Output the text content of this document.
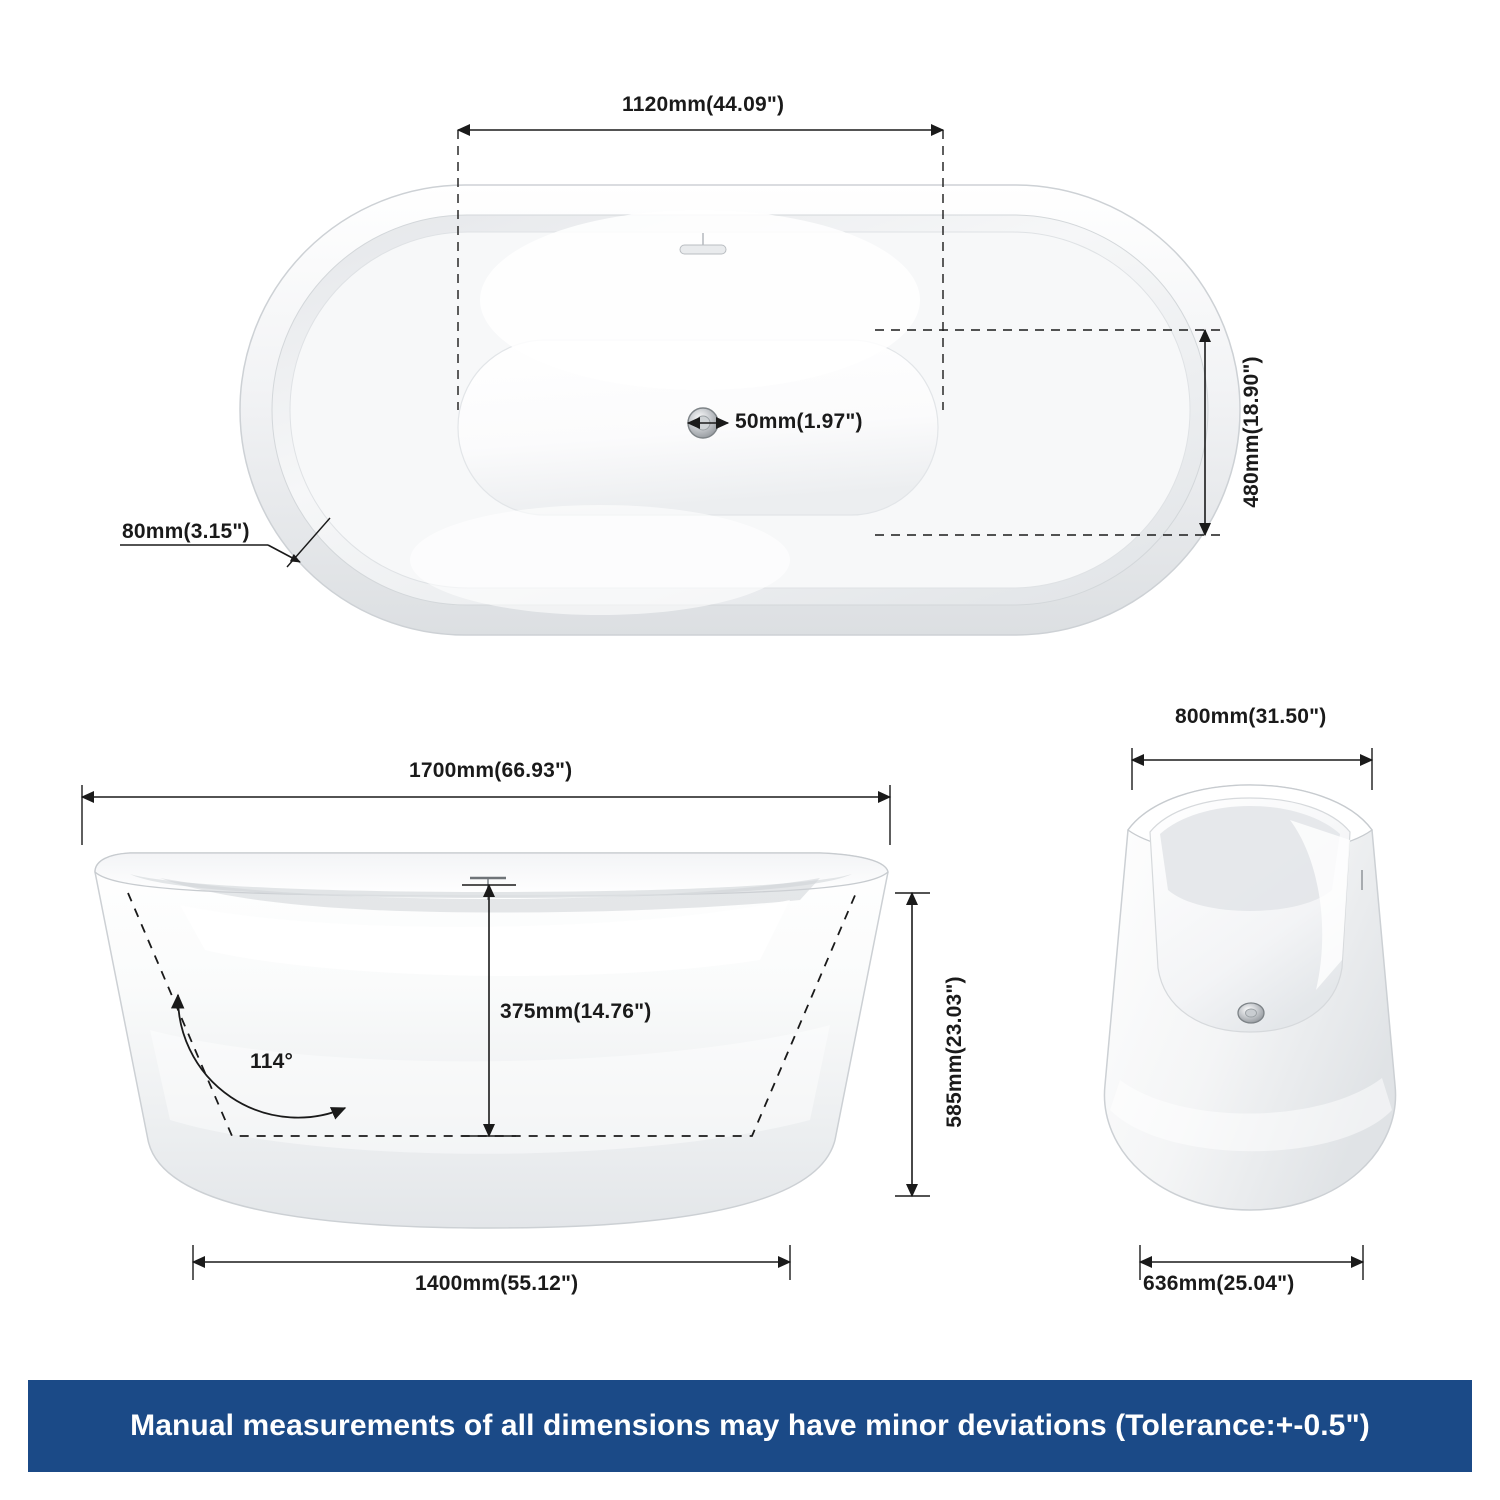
1120mm(44.09")
480mm(18.90")
80mm(3.15")
50mm(1.97")
1700mm(66.93")
1400mm(55.12")
375mm(14.76")	585mm(23.03")
114°
800mm(31.50")
636mm(25.04")
Manual measurements of all dimensions may have minor deviations (Tolerance:+-0.5")
